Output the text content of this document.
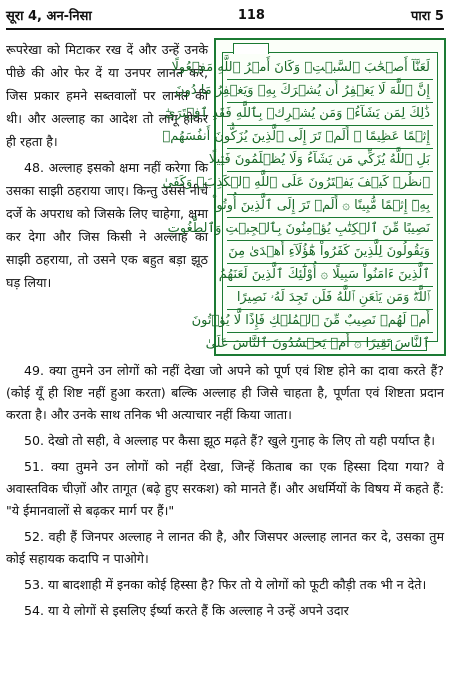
सूरा 4, अन-निसा	118	पारा 5

रूपरेखा को मिटाकर रख दें और उन्हें उनके पीछे की ओर फेर दें या उनपर लानत करें, जिस प्रकार हमने सब्तवालों पर लानत की थी। और अल्लाह का आदेश तो लागू होकर ही रहता है।

48. अल्लाह इसको क्षमा नहीं करेगा कि उसका साझी ठहराया जाए। किन्तु उससे नीचे दर्जे के अपराध को जिसके लिए चाहेगा, क्षमा कर देगा और जिस किसी ने अल्लाह का साझी ठहराया, तो उसने एक बहुत बड़ा झूठ घड़ लिया।

لَعَنَّآ أَصۡحَٰبَ ٱلسَّبۡتِۚ وَكَانَ أَمۡرُ ٱللَّهِ مَفۡعُولًا
إِنَّ ٱللَّهَ لَا يَغۡفِرُ أَن يُشۡرَكَ بِهِۦ وَيَغۡفِرُ مَا دُونَ
ذَٰلِكَ لِمَن يَشَآءُۚ وَمَن يُشۡرِكۡ بِٱللَّهِ فَقَدِ ٱفۡتَرَىٰٓ
إِثۡمًا عَظِيمًا ۞ أَلَمۡ تَرَ إِلَى ٱلَّذِينَ يُزَكُّونَ أَنفُسَهُمۚ
بَلِ ٱللَّهُ يُزَكِّي مَن يَشَآءُ وَلَا يُظۡلَمُونَ فَتِيلًا
ٱنظُرۡ كَيۡفَ يَفۡتَرُونَ عَلَى ٱللَّهِ ٱلۡكَذِبَۖ وَكَفَىٰ
بِهِۦٓ إِثۡمًا مُّبِينًا ۞ أَلَمۡ تَرَ إِلَى ٱلَّذِينَ أُوتُواْ
نَصِيبًا مِّنَ ٱلۡكِتَٰبِ يُؤۡمِنُونَ بِٱلۡجِبۡتِ وَٱلطَّٰغُوتِ
وَيَقُولُونَ لِلَّذِينَ كَفَرُواْ هَٰٓؤُلَآءِ أَهۡدَىٰ مِنَ
ٱلَّذِينَ ءَامَنُواْ سَبِيلًا ۞ أُوْلَٰٓئِكَ ٱلَّذِينَ لَعَنَهُمُ
ٱللَّهُۖ وَمَن يَلۡعَنِ ٱللَّهُ فَلَن تَجِدَ لَهُۥ نَصِيرًا
أَمۡ لَهُمۡ نَصِيبٌ مِّنَ ٱلۡمُلۡكِ فَإِذًا لَّا يُؤۡتُونَ
ٱلنَّاسَ نَقِيرًا ۞ أَمۡ يَحۡسُدُونَ ٱلنَّاسَ عَلَىٰ

49. क्या तुमने उन लोगों को नहीं देखा जो अपने को पूर्ण एवं शिष्ट होने का दावा करते हैं? (कोई यूँ ही शिष्ट नहीं हुआ करता) बल्कि अल्लाह ही जिसे चाहता है, पूर्णता एवं शिष्टता प्रदान करता है। और उनके साथ तनिक भी अत्याचार नहीं किया जाता।

50. देखो तो सही, वे अल्लाह पर कैसा झूठ मढ़ते हैं? खुले गुनाह के लिए तो यही पर्याप्त है।

51. क्या तुमने उन लोगों को नहीं देखा, जिन्हें किताब का एक हिस्सा दिया गया? वे अवास्तविक चीज़ों और तागूत (बढ़े हुए सरकश) को मानते हैं। और अधर्मियों के विषय में कहते हैं: "ये ईमानवालों से बढ़कर मार्ग पर हैं।"

52. वही हैं जिनपर अल्लाह ने लानत की है, और जिसपर अल्लाह लानत कर दे, उसका तुम कोई सहायक कदापि न पाओगे।

53. या बादशाही में इनका कोई हिस्सा है? फिर तो ये लोगों को फूटी कौड़ी तक भी न देते।

54. या ये लोगों से इसलिए ईर्ष्या करते हैं कि अल्लाह ने उन्हें अपने उदार
